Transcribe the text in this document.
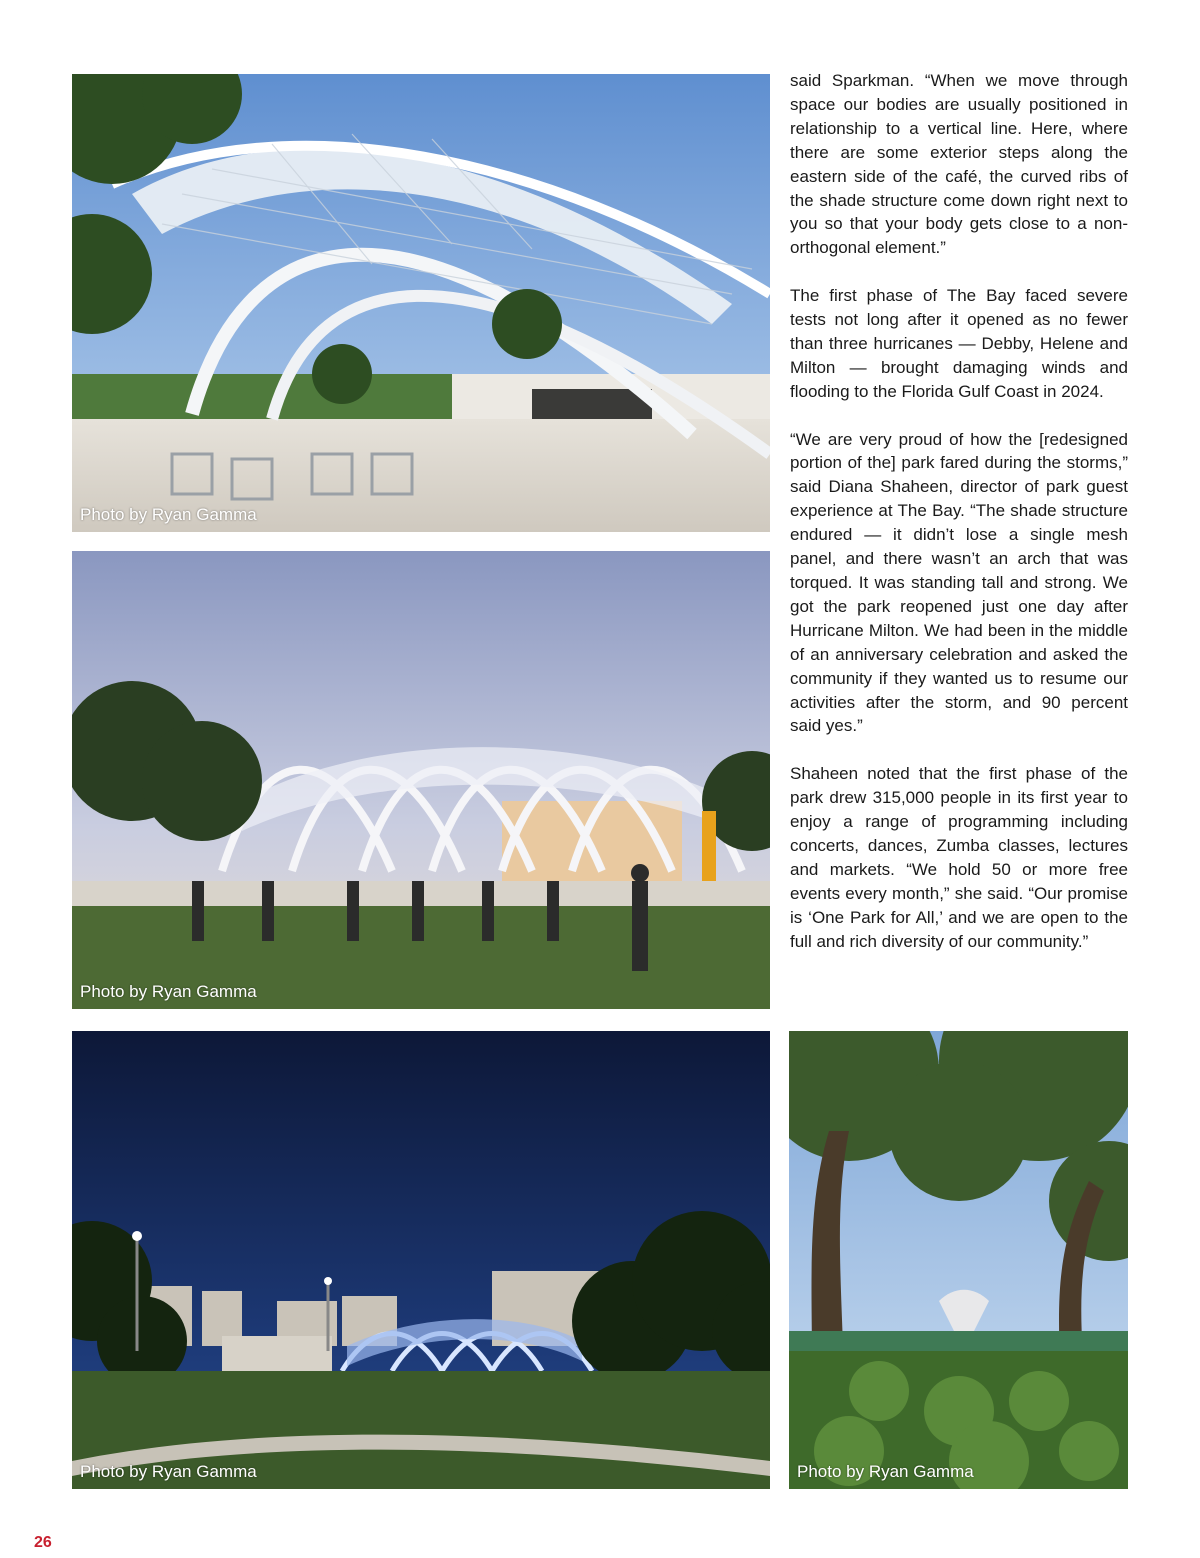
Photo by Ryan Gamma
Photo by Ryan Gamma

said Sparkman. “When we move through space our bodies are usually positioned in relationship to a vertical line. Here, where there are some exterior steps along the eastern side of the café, the curved ribs of the shade structure come down right next to you so that your body gets close to a non-orthogonal element.”

The first phase of The Bay faced severe tests not long after it opened as no fewer than three hurricanes — Debby, Helene and Milton — brought damaging winds and flooding to the Florida Gulf Coast in 2024.

“We are very proud of how the [redesigned portion of the] park fared during the storms,” said Diana Shaheen, director of park guest experience at The Bay. “The shade structure endured — it didn’t lose a single mesh panel, and there wasn’t an arch that was torqued. It was standing tall and strong. We got the park reopened just one day after Hurricane Milton. We had been in the middle of an anniversary celebration and asked the community if they wanted us to resume our activities after the storm, and 90 percent said yes.”

Shaheen noted that the first phase of the park drew 315,000 people in its first year to enjoy a range of programming including concerts, dances, Zumba classes, lectures and markets. “We hold 50 or more free events every month,” she said. “Our promise is ‘One Park for All,’ and we are open to the full and rich diversity of our community.”

Photo by Ryan Gamma	Photo by Ryan Gamma
26
